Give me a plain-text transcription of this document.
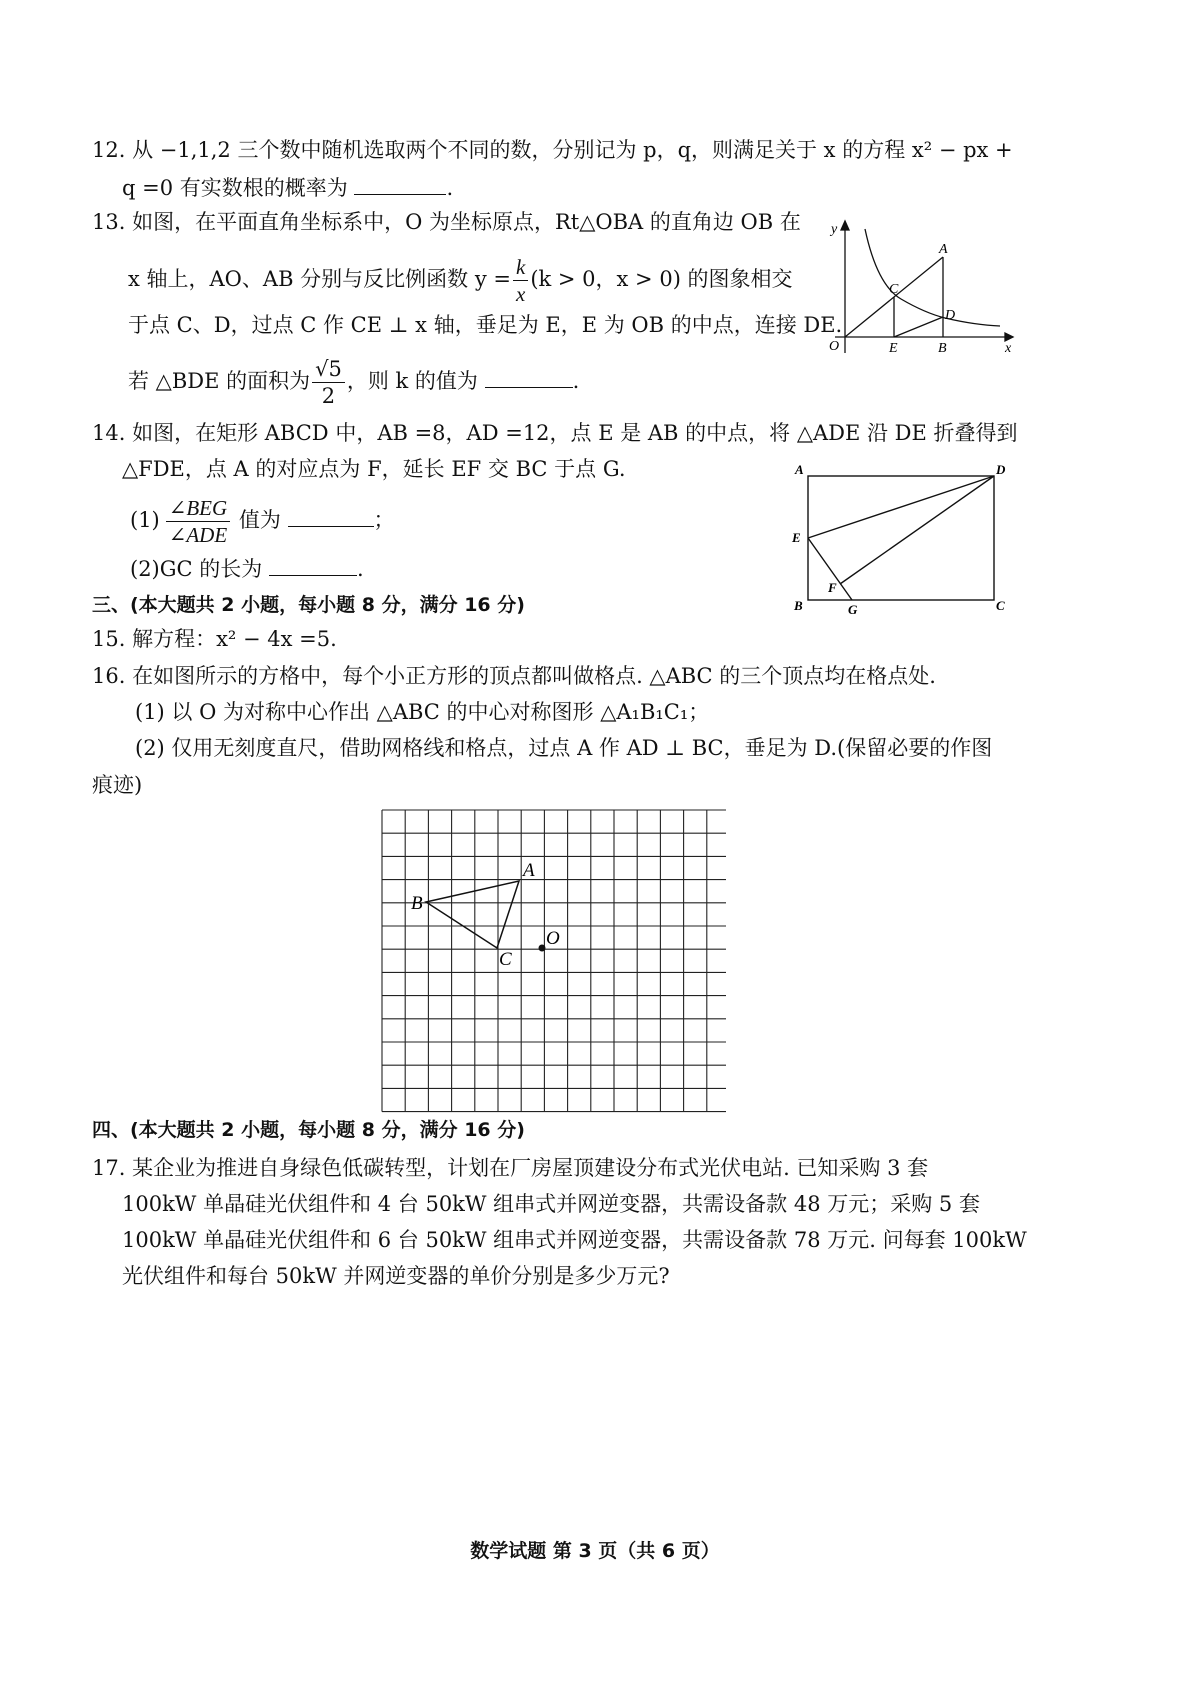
12. 从 −1,1,2 三个数中随机选取两个不同的数，分别记为 p，q，则满足关于 x 的方程 x² − px +
q =0 有实数根的概率为	.
13. 如图，在平面直角坐标系中，O 为坐标原点，Rt△OBA 的直角边 OB 在
x 轴上，AO、AB 分别与反比例函数 $y = \frac{k}{x} (k > 0$，x > 0) 的图象相交
于点 C、D，过点 C 作 CE ⊥ x 轴，垂足为 E，E 为 OB 的中点，连接 DE.
若 △BDE 的面积为 $\frac{√5}{2}$ ，则 k 的值为	.
y
x
O	E	B
A
C
D
14. 如图，在矩形 ABCD 中，AB =8，AD =12，点 E 是 AB 的中点，将 △ADE 沿 DE 折叠得到
△FDE，点 A 的对应点为 F，延长 EF 交 BC 于点 G.
$(1) \frac{\text{∠BEG}}{\text{∠ADE}}$ 值为	；
(2)GC 的长为	.
A	D
E
B	C
F
G
三、(本大题共 2 小题，每小题 8 分，满分 16 分)
15. 解方程：x² − 4x =5.
16. 在如图所示的方格中，每个小正方形的顶点都叫做格点. △ABC 的三个顶点均在格点处.
(1) 以 O 为对称中心作出 △ABC 的中心对称图形 △A₁B₁C₁；
(2) 仅用无刻度直尺，借助网格线和格点，过点 A 作 AD ⊥ BC，垂足为 D.(保留必要的作图
痕迹)
A
B
C
O
四、(本大题共 2 小题，每小题 8 分，满分 16 分)
17. 某企业为推进自身绿色低碳转型，计划在厂房屋顶建设分布式光伏电站. 已知采购 3 套
100kW 单晶硅光伏组件和 4 台 50kW 组串式并网逆变器，共需设备款 48 万元；采购 5 套
100kW 单晶硅光伏组件和 6 台 50kW 组串式并网逆变器，共需设备款 78 万元. 问每套 100kW
光伏组件和每台 50kW 并网逆变器的单价分别是多少万元?
数学试题 第 3 页（共 6 页）
